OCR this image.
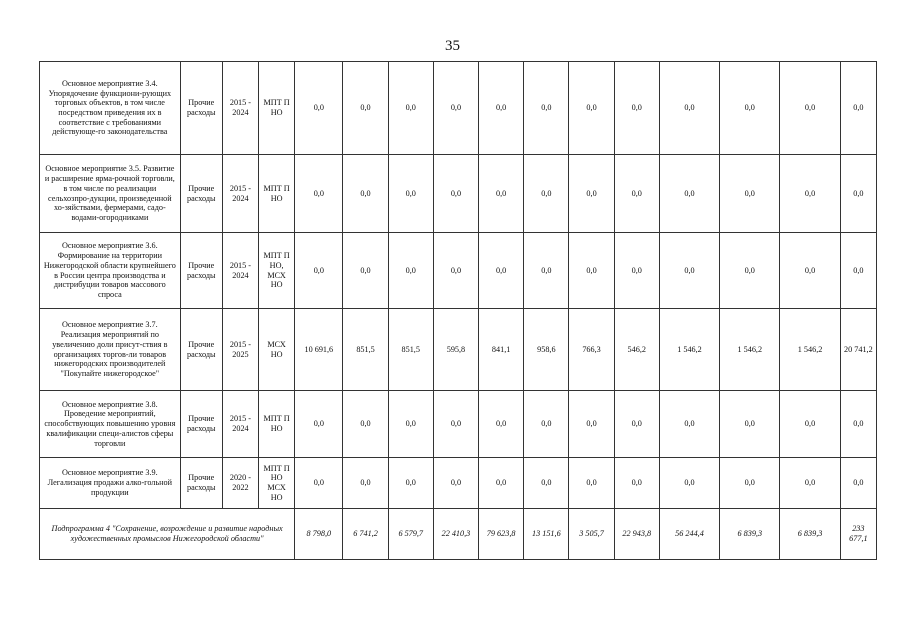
35
Основное мероприятие 3.4. Упорядочение функциони-рующих торговых объектов, в том числе посредством приведения их в соответствие с требованиями действующе-го законодательства	Прочие расходы	2015 - 2024	МПТ П НО	0,0	0,0	0,0	0,0	0,0	0,0	0,0	0,0	0,0	0,0	0,0	0,0
Основное мероприятие 3.5. Развитие и расширение ярма-рочной торговли, в том числе по реализации сельхозпро-дукции, произведенной хо-зяйствами, фермерами, садо-водами-огородниками	Прочие расходы	2015 - 2024	МПТ П НО	0,0	0,0	0,0	0,0	0,0	0,0	0,0	0,0	0,0	0,0	0,0	0,0
Основное мероприятие 3.6. Формирование на территории Нижегородской области крупнейшего в России центра производства и дистрибуции товаров массового спроса	Прочие расходы	2015 - 2024	МПТ П НО, МСХ НО	0,0	0,0	0,0	0,0	0,0	0,0	0,0	0,0	0,0	0,0	0,0	0,0
Основное мероприятие 3.7. Реализация мероприятий по увеличению доли присут-ствия в организациях торгов-ли товаров нижегородских производителей "Покупайте нижегородское"	Прочие расходы	2015 - 2025	МСХ НО	10 691,6	851,5	851,5	595,8	841,1	958,6	766,3	546,2	1 546,2	1 546,2	1 546,2	20 741,2
Основное мероприятие 3.8. Проведение мероприятий, способствующих повышению уровня квалификации специ-алистов сферы торговли	Прочие расходы	2015 - 2024	МПТ П НО	0,0	0,0	0,0	0,0	0,0	0,0	0,0	0,0	0,0	0,0	0,0	0,0
Основное мероприятие 3.9. Легализация продажи алко-гольной продукции	Прочие расходы	2020 - 2022	МПТ П НО МСХ НО	0,0	0,0	0,0	0,0	0,0	0,0	0,0	0,0	0,0	0,0	0,0	0,0
Подпрограмма 4 "Сохранение, возрождение и развитие народных художественных промыслов Нижегородской области"				8 798,0	6 741,2	6 579,7	22 410,3	79 623,8	13 151,6	3 505,7	22 943,8	56 244,4	6 839,3	6 839,3	233 677,1
